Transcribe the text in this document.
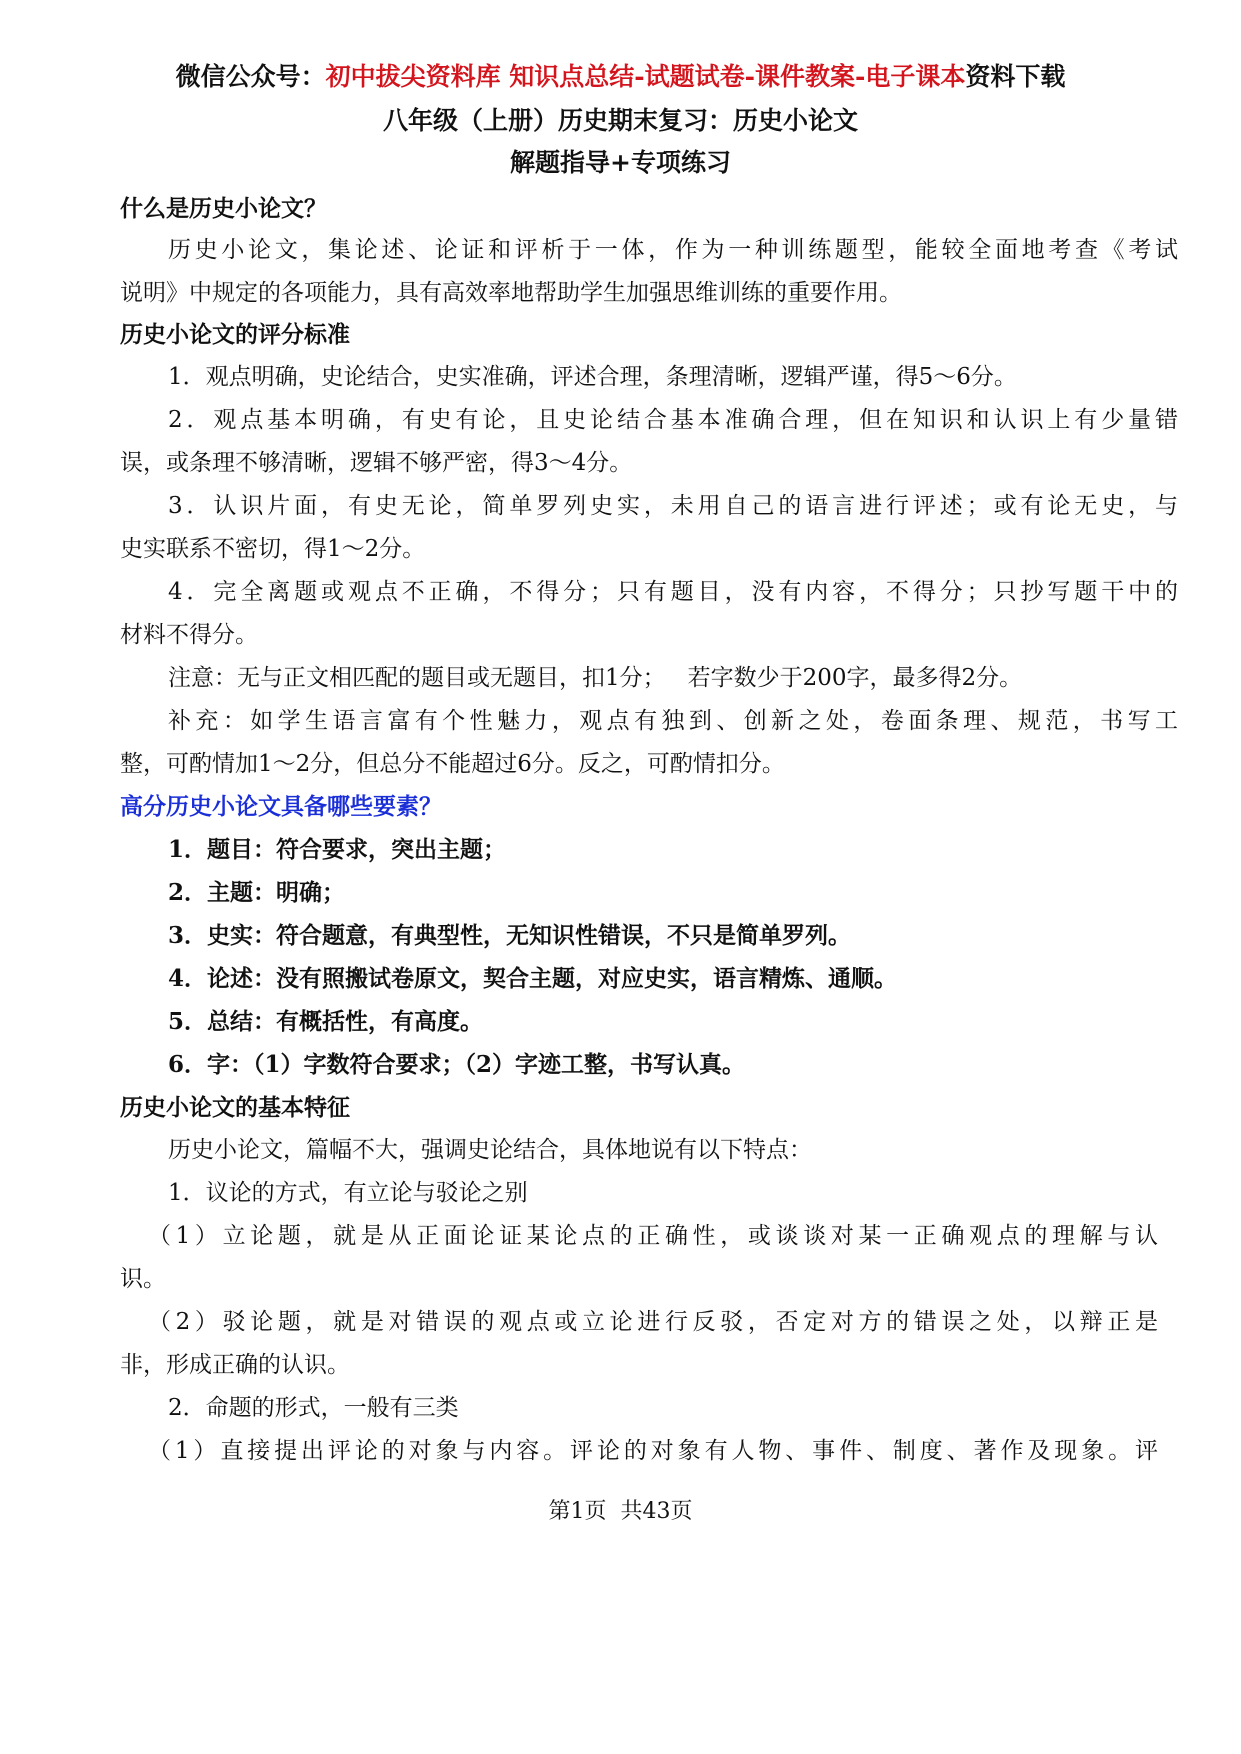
微信公众号：初中拔尖资料库 知识点总结-试题试卷-课件教案-电子课本资料下载
八年级（上册）历史期末复习：历史小论文
解题指导+专项练习
什么是历史小论文？
历史小论文，集论述、论证和评析于一体，作为一种训练题型，能较全面地考查《考试
说明》中规定的各项能力，具有高效率地帮助学生加强思维训练的重要作用。
历史小论文的评分标准
1．观点明确，史论结合，史实准确，评述合理，条理清晰，逻辑严谨，得5～6分。
2．观点基本明确，有史有论，且史论结合基本准确合理，但在知识和认识上有少量错
误，或条理不够清晰，逻辑不够严密，得3～4分。
3．认识片面，有史无论，简单罗列史实，未用自己的语言进行评述；或有论无史，与
史实联系不密切，得1～2分。
4．完全离题或观点不正确，不得分；只有题目，没有内容，不得分；只抄写题干中的
材料不得分。
注意：无与正文相匹配的题目或无题目，扣1分；   若字数少于200字，最多得2分。
补充：如学生语言富有个性魅力，观点有独到、创新之处，卷面条理、规范，书写工
整，可酌情加1～2分，但总分不能超过6分。反之，可酌情扣分。
高分历史小论文具备哪些要素？
1．题目：符合要求，突出主题；
2．主题：明确；
3．史实：符合题意，有典型性，无知识性错误，不只是简单罗列。
4．论述：没有照搬试卷原文，契合主题，对应史实，语言精炼、通顺。
5．总结：有概括性，有高度。
6．字：（1）字数符合要求；（2）字迹工整，书写认真。
历史小论文的基本特征
历史小论文，篇幅不大，强调史论结合，具体地说有以下特点：
1．议论的方式，有立论与驳论之别
（1）立论题，就是从正面论证某论点的正确性，或谈谈对某一正确观点的理解与认
识。
（2）驳论题，就是对错误的观点或立论进行反驳，否定对方的错误之处，以辩正是
非，形成正确的认识。
2．命题的形式，一般有三类
（1）直接提出评论的对象与内容。评论的对象有人物、事件、制度、著作及现象。评
第1页  共43页
